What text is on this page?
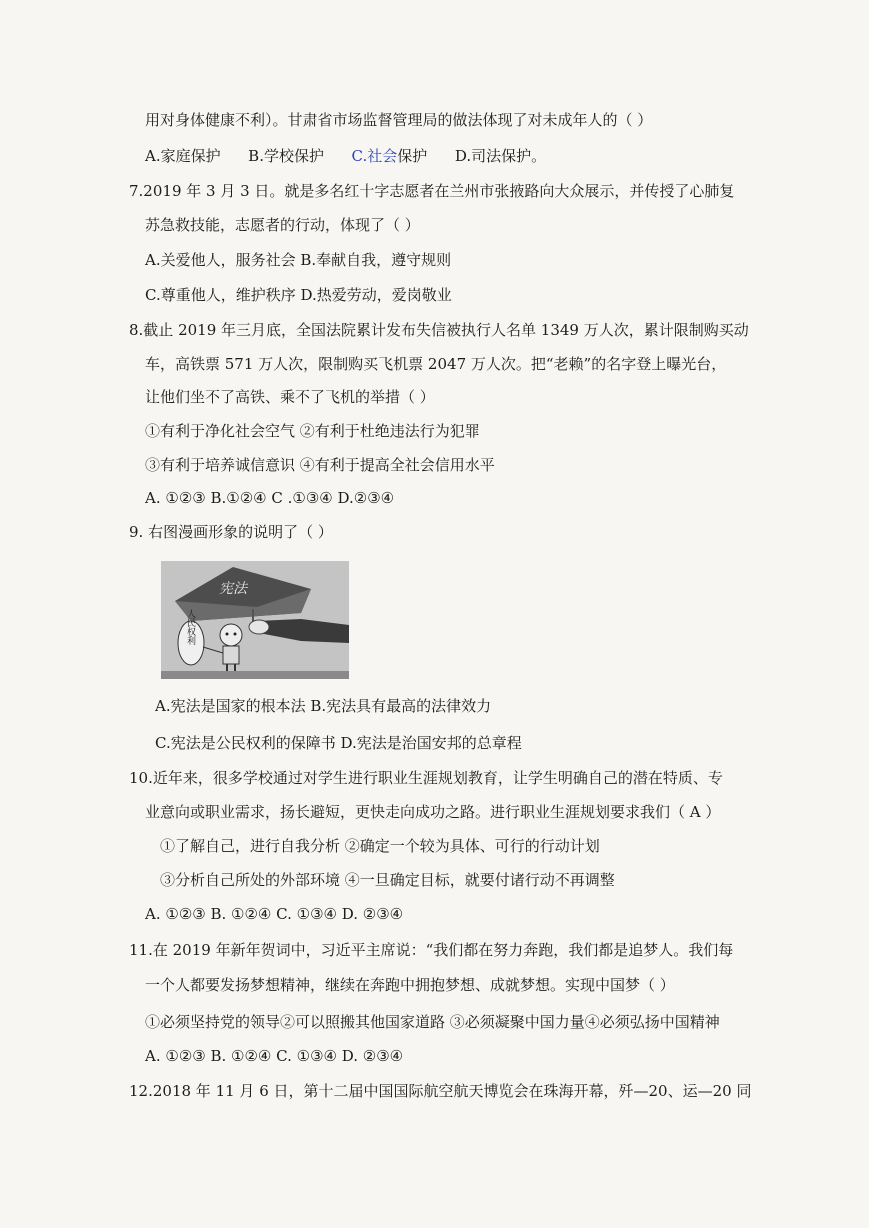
用对身体健康不利）。甘肃省市场监督管理局的做法体现了对未成年人的（ ）
A.家庭保护 B.学校保护 C.社会保护 D.司法保护。
7.2019 年 3 月 3 日。就是多名红十字志愿者在兰州市张掖路向大众展示，并传授了心肺复
苏急救技能，志愿者的行动，体现了（ ）
A.关爱他人，服务社会 B.奉献自我，遵守规则
C.尊重他人，维护秩序 D.热爱劳动，爱岗敬业
8.截止 2019 年三月底，全国法院累计发布失信被执行人名单 1349 万人次，累计限制购买动
车，高铁票 571 万人次，限制购买飞机票 2047 万人次。把“老赖”的名字登上曝光台，
让他们坐不了高铁、乘不了飞机的举措（ ）
①有利于净化社会空气 ②有利于杜绝违法行为犯罪
③有利于培养诚信意识 ④有利于提高全社会信用水平
A. ①②③ B.①②④ C .①③④ D.②③④
9. 右图漫画形象的说明了（ ）
宪法
人民权利
A.宪法是国家的根本法 B.宪法具有最高的法律效力
C.宪法是公民权利的保障书 D.宪法是治国安邦的总章程
10.近年来，很多学校通过对学生进行职业生涯规划教育，让学生明确自己的潜在特质、专
业意向或职业需求，扬长避短，更快走向成功之路。进行职业生涯规划要求我们（ A ）
①了解自己，进行自我分析 ②确定一个较为具体、可行的行动计划
③分析自己所处的外部环境 ④一旦确定目标，就要付诸行动不再调整
A. ①②③ B. ①②④ C. ①③④ D. ②③④
11.在 2019 年新年贺词中，习近平主席说：“我们都在努力奔跑，我们都是追梦人。我们每
一个人都要发扬梦想精神，继续在奔跑中拥抱梦想、成就梦想。实现中国梦（ ）
①必须坚持党的领导②可以照搬其他国家道路 ③必须凝聚中国力量④必须弘扬中国精神
A. ①②③ B. ①②④ C. ①③④ D. ②③④
12.2018 年 11 月 6 日，第十二届中国国际航空航天博览会在珠海开幕，歼—20、运—20 同
